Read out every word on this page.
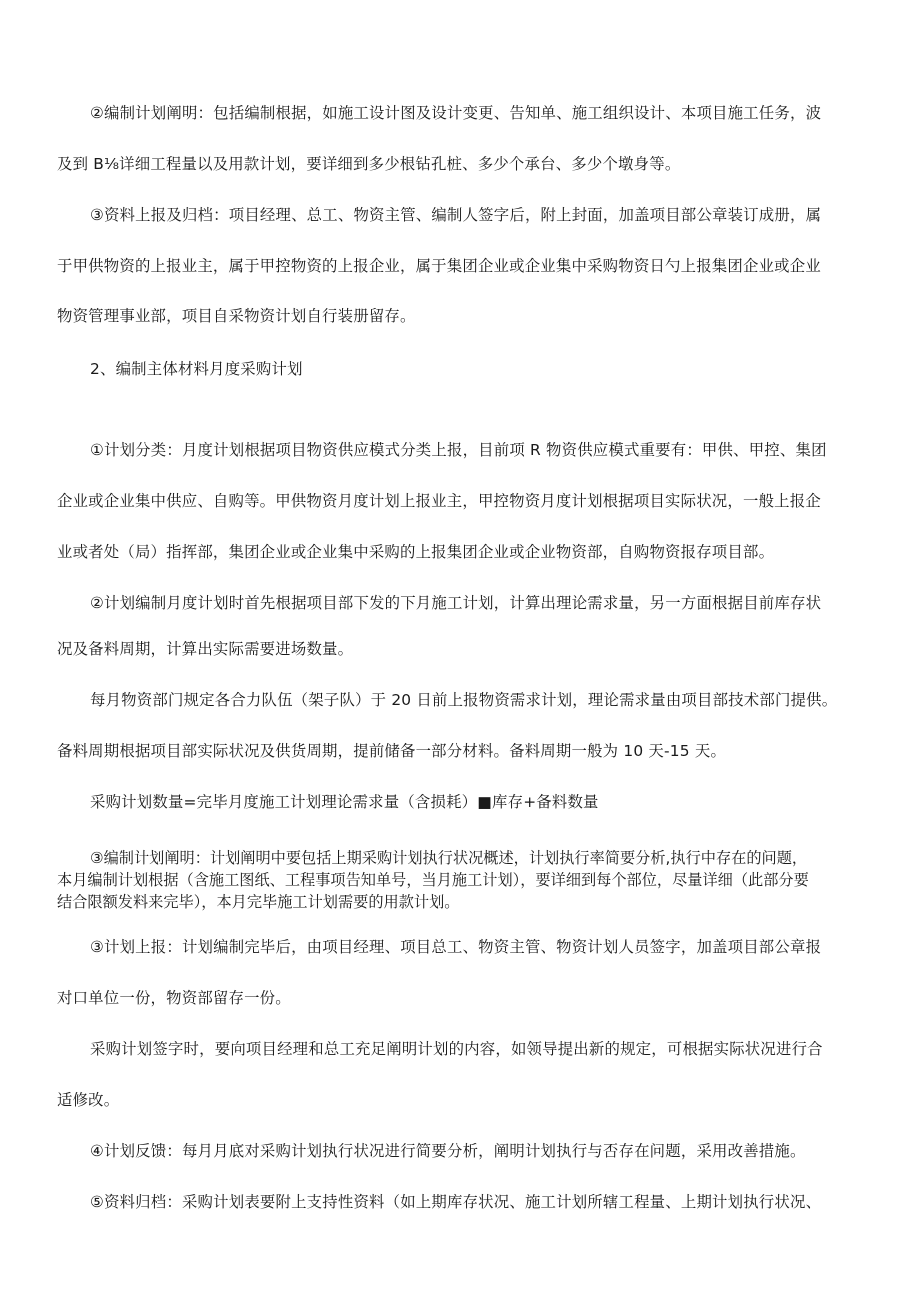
②编制计划阐明：包括编制根据，如施工设计图及设计变更、告知单、施工组织设计、本项目施工任务，波
及到 B⅛详细工程量以及用款计划，要详细到多少根钻孔桩、多少个承台、多少个墩身等。
③资料上报及归档：项目经理、总工、物资主管、编制人签字后，附上封面，加盖项目部公章装订成册，属
于甲供物资的上报业主，属于甲控物资的上报企业，属于集团企业或企业集中采购物资日勺上报集团企业或企业
物资管理事业部，项目自采物资计划自行装册留存。
2、编制主体材料月度采购计划
①计划分类：月度计划根据项目物资供应模式分类上报，目前项 R 物资供应模式重要有：甲供、甲控、集团
企业或企业集中供应、自购等。甲供物资月度计划上报业主，甲控物资月度计划根据项目实际状况，一般上报企
业或者处（局）指挥部，集团企业或企业集中采购的上报集团企业或企业物资部，自购物资报存项目部。
②计划编制月度计划时首先根据项目部下发的下月施工计划，计算出理论需求量，另一方面根据目前库存状
况及备料周期，计算出实际需要进场数量。
每月物资部门规定各合力队伍（架子队）于 20 日前上报物资需求计划，理论需求量由项目部技术部门提供。
备料周期根据项目部实际状况及供货周期，提前储备一部分材料。备料周期一般为 10 天-15 天。
采购计划数量=完毕月度施工计划理论需求量（含损耗）■库存+备料数量
③编制计划阐明：计划阐明中要包括上期采购计划执行状况概述，计划执行率简要分析,执行中存在的问题，
本月编制计划根据（含施工图纸、工程事项告知单号，当月施工计划），要详细到每个部位，尽量详细（此部分要
结合限额发料来完毕），本月完毕施工计划需要的用款计划。
③计划上报：计划编制完毕后，由项目经理、项目总工、物资主管、物资计划人员签字，加盖项目部公章报
对口单位一份，物资部留存一份。
采购计划签字时，要向项目经理和总工充足阐明计划的内容，如领导提出新的规定，可根据实际状况进行合
适修改。
④计划反馈：每月月底对采购计划执行状况进行简要分析，阐明计划执行与否存在问题，采用改善措施。
⑤资料归档：采购计划表要附上支持性资料（如上期库存状况、施工计划所辖工程量、上期计划执行状况、
